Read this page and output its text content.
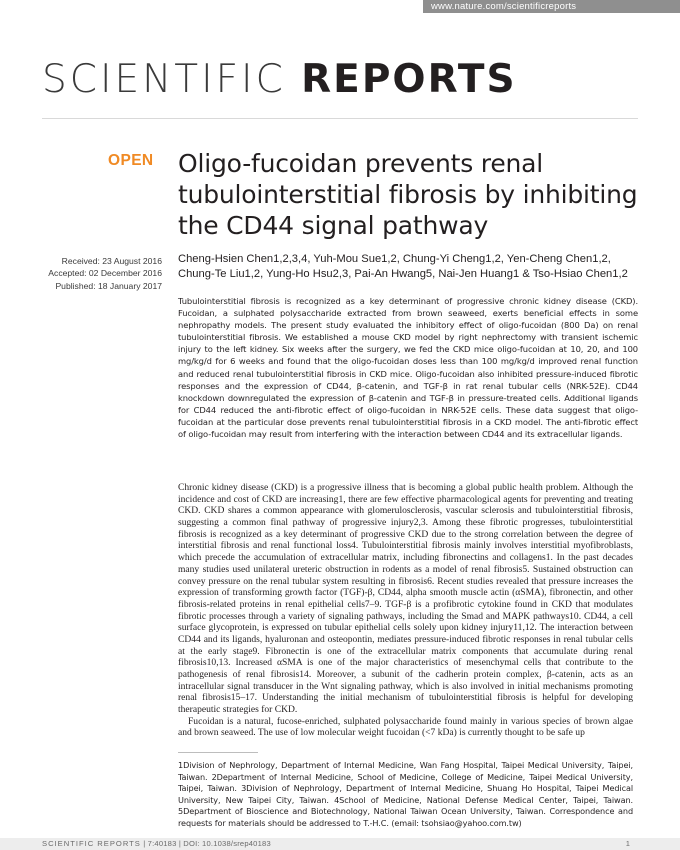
www.nature.com/scientificreports
SCIENTIFIC REPORTS
OPEN Oligo-fucoidan prevents renal tubulointerstitial fibrosis by inhibiting the CD44 signal pathway
Received: 23 August 2016
Accepted: 02 December 2016
Published: 18 January 2017
Cheng-Hsien Chen1,2,3,4, Yuh-Mou Sue1,2, Chung-Yi Cheng1,2, Yen-Cheng Chen1,2,
Chung-Te Liu1,2, Yung-Ho Hsu2,3, Pai-An Hwang5, Nai-Jen Huang1 & Tso-Hsiao Chen1,2

Tubulointerstitial fibrosis is recognized as a key determinant of progressive chronic kidney disease (CKD). Fucoidan, a sulphated polysaccharide extracted from brown seaweed, exerts beneficial effects in some nephropathy models. The present study evaluated the inhibitory effect of oligo-fucoidan (800 Da) on renal tubulointerstitial fibrosis. We established a mouse CKD model by right nephrectomy with transient ischemic injury to the left kidney. Six weeks after the surgery, we fed the CKD mice oligo-fucoidan at 10, 20, and 100 mg/kg/d for 6 weeks and found that the oligo-fucoidan doses less than 100 mg/kg/d improved renal function and reduced renal tubulointerstitial fibrosis in CKD mice. Oligo-fucoidan also inhibited pressure-induced fibrotic responses and the expression of CD44, β-catenin, and TGF-β in rat renal tubular cells (NRK-52E). CD44 knockdown downregulated the expression of β-catenin and TGF-β in pressure-treated cells. Additional ligands for CD44 reduced the anti-fibrotic effect of oligo-fucoidan in NRK-52E cells. These data suggest that oligo-fucoidan at the particular dose prevents renal tubulointerstitial fibrosis in a CKD model. The anti-fibrotic effect of oligo-fucoidan may result from interfering with the interaction between CD44 and its extracellular ligands.

Chronic kidney disease (CKD) is a progressive illness that is becoming a global public health problem. Although the incidence and cost of CKD are increasing1, there are few effective pharmacological agents for preventing and treating CKD. CKD shares a common appearance with glomerulosclerosis, vascular sclerosis and tubulointerstitial fibrosis, suggesting a common final pathway of progressive injury2,3. Among these fibrotic progresses, tubulointerstitial fibrosis is recognized as a key determinant of progressive CKD due to the strong correlation between the degree of interstitial fibrosis and renal functional loss4. Tubulointerstitial fibrosis mainly involves interstitial myofibroblasts, which precede the accumulation of extracellular matrix, including fibronectins and collagens1. In the past decades many studies used unilateral ureteric obstruction in rodents as a model of renal fibrosis5. Sustained obstruction can convey pressure on the renal tubular system resulting in fibrosis6. Recent studies revealed that pressure increases the expression of transforming growth factor (TGF)-β, CD44, alpha smooth muscle actin (αSMA), fibronectin, and other fibrosis-related proteins in renal epithelial cells7–9. TGF-β is a profibrotic cytokine found in CKD that modulates fibrotic processes through a variety of signaling pathways, including the Smad and MAPK pathways10. CD44, a cell surface glycoprotein, is expressed on tubular epithelial cells solely upon kidney injury11,12. The interaction between CD44 and its ligands, hyaluronan and osteopontin, mediates pressure-induced fibrotic responses in renal tubular cells at the early stage9. Fibronectin is one of the extracellular matrix components that accumulate during renal fibrosis10,13. Increased αSMA is one of the major characteristics of mesenchymal cells that contribute to the pathogenesis of renal fibrosis14. Moreover, a subunit of the cadherin protein complex, β-catenin, acts as an intracellular signal transducer in the Wnt signaling pathway, which is also involved in initial mechanisms promoting renal fibrosis15–17. Understanding the initial mechanism of tubulointerstitial fibrosis is helpful for developing therapeutic strategies for CKD.

Fucoidan is a natural, fucose-enriched, sulphated polysaccharide found mainly in various species of brown algae and brown seaweed. The use of low molecular weight fucoidan (<7 kDa) is currently thought to be safe up

1Division of Nephrology, Department of Internal Medicine, Wan Fang Hospital, Taipei Medical University, Taipei, Taiwan. 2Department of Internal Medicine, School of Medicine, College of Medicine, Taipei Medical University, Taipei, Taiwan. 3Division of Nephrology, Department of Internal Medicine, Shuang Ho Hospital, Taipei Medical University, New Taipei City, Taiwan. 4School of Medicine, National Defense Medical Center, Taipei, Taiwan. 5Department of Bioscience and Biotechnology, National Taiwan Ocean University, Taiwan. Correspondence and requests for materials should be addressed to T.-H.C. (email: tsohsiao@yahoo.com.tw)
SCIENTIFIC REPORTS | 7:40183 | DOI: 10.1038/srep40183	1
